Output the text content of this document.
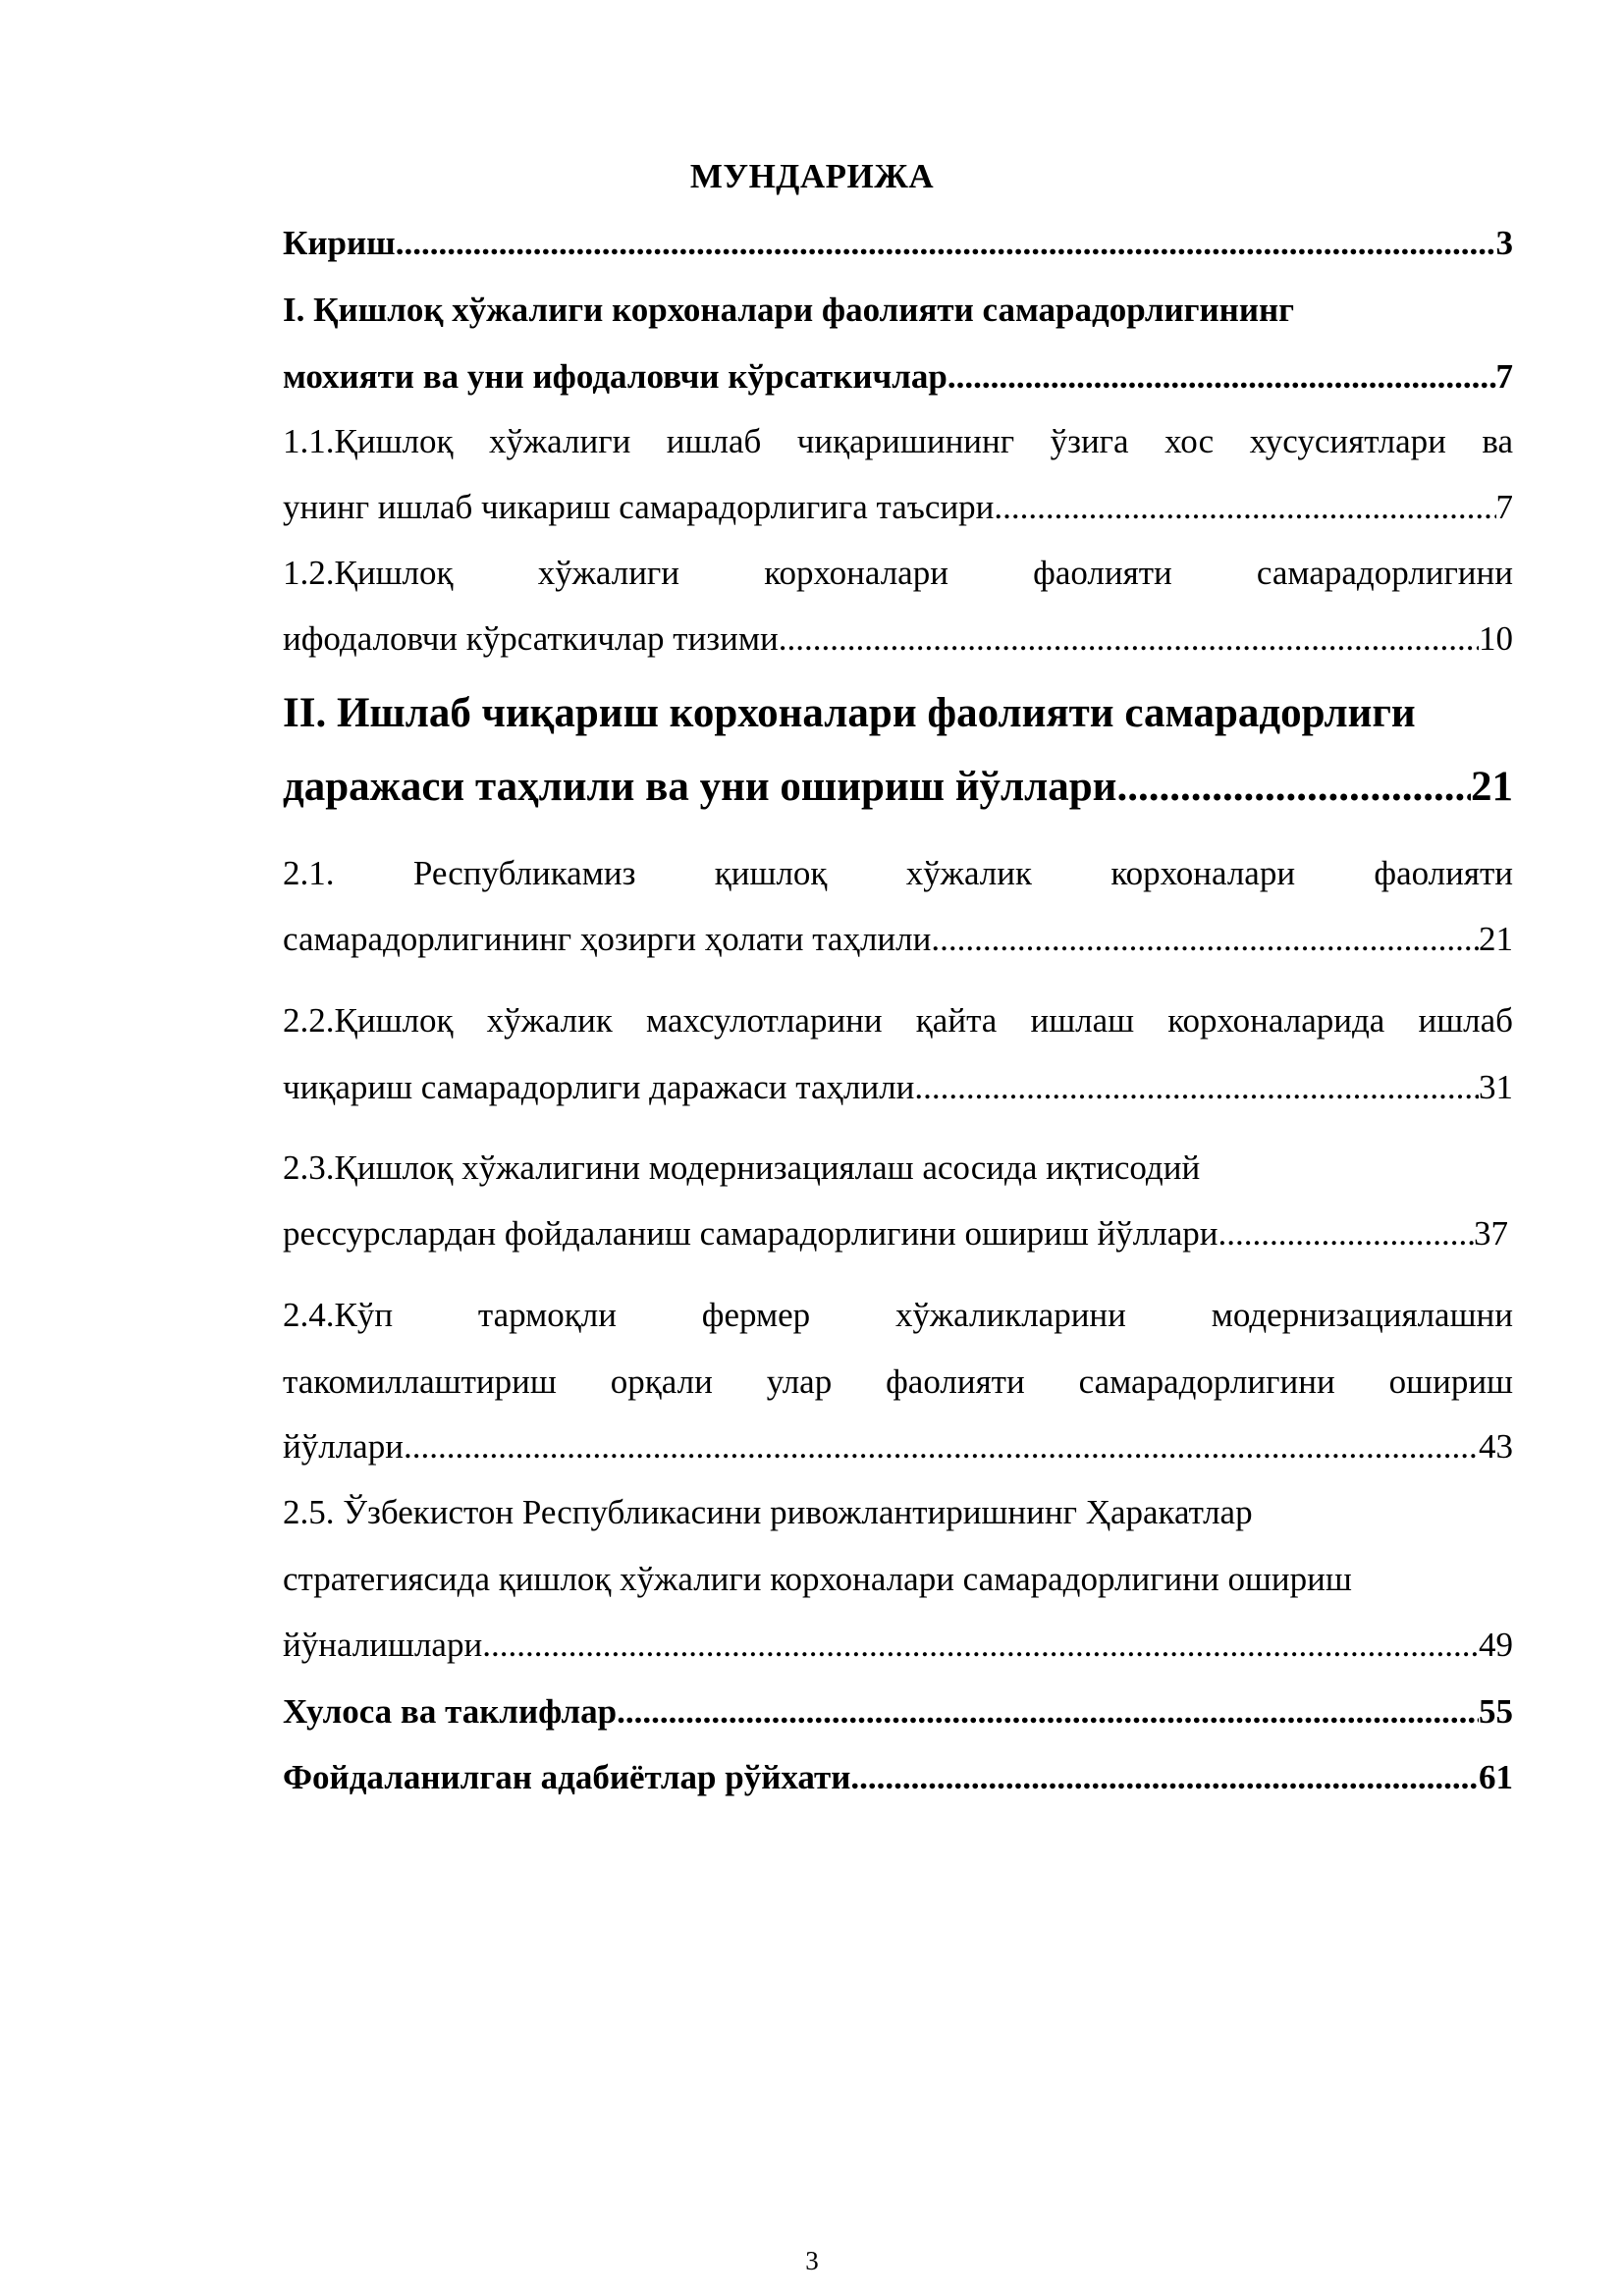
МУНДАРИЖА
Кириш .....	3
I. Қишлоқ хўжалиги корхоналари фаолияти самарадорлигининг
мохияти ва уни ифодаловчи кўрсаткичлар .....	7
1.1.Қишлоқ хўжалиги ишлаб чиқаришининг ўзига хос хусусиятлари ва
унинг ишлаб чикариш самарадорлигига таъсири .....	7
1.2.Қишлоқ хўжалиги корхоналари фаолияти самарадорлигини
ифодаловчи кўрсаткичлар тизими .....	10
II. Ишлаб чиқариш корхоналари фаолияти самарадорлиги
даражаси таҳлили ва уни ошириш йўллари .....	21
2.1. Республикамиз қишлоқ хўжалик корхоналари фаолияти
самарадорлигининг ҳозирги ҳолати таҳлили .....	21
2.2.Қишлоқ хўжалик махсулотларини қайта ишлаш корхоналарида ишлаб
чиқариш самарадорлиги даражаси таҳлили .....	31
2.3.Қишлоқ хўжалигини модернизациялаш асосида иқтисодий
рессурслардан фойдаланиш самарадорлигини ошириш йўллари .....	37
2.4.Кўп тармоқли фермер хўжаликларини модернизациялашни
такомиллаштириш орқали улар фаолияти самарадорлигини ошириш
йўллари .....	43
2.5. Ўзбекистон Республикасини ривожлантиришнинг Ҳаракатлар
стратегиясида қишлоқ хўжалиги корхоналари самарадорлигини ошириш
йўналишлари .....	49
Хулоса ва таклифлар .....	55
Фойдаланилган адабиётлар рўйхати .....	61
3
